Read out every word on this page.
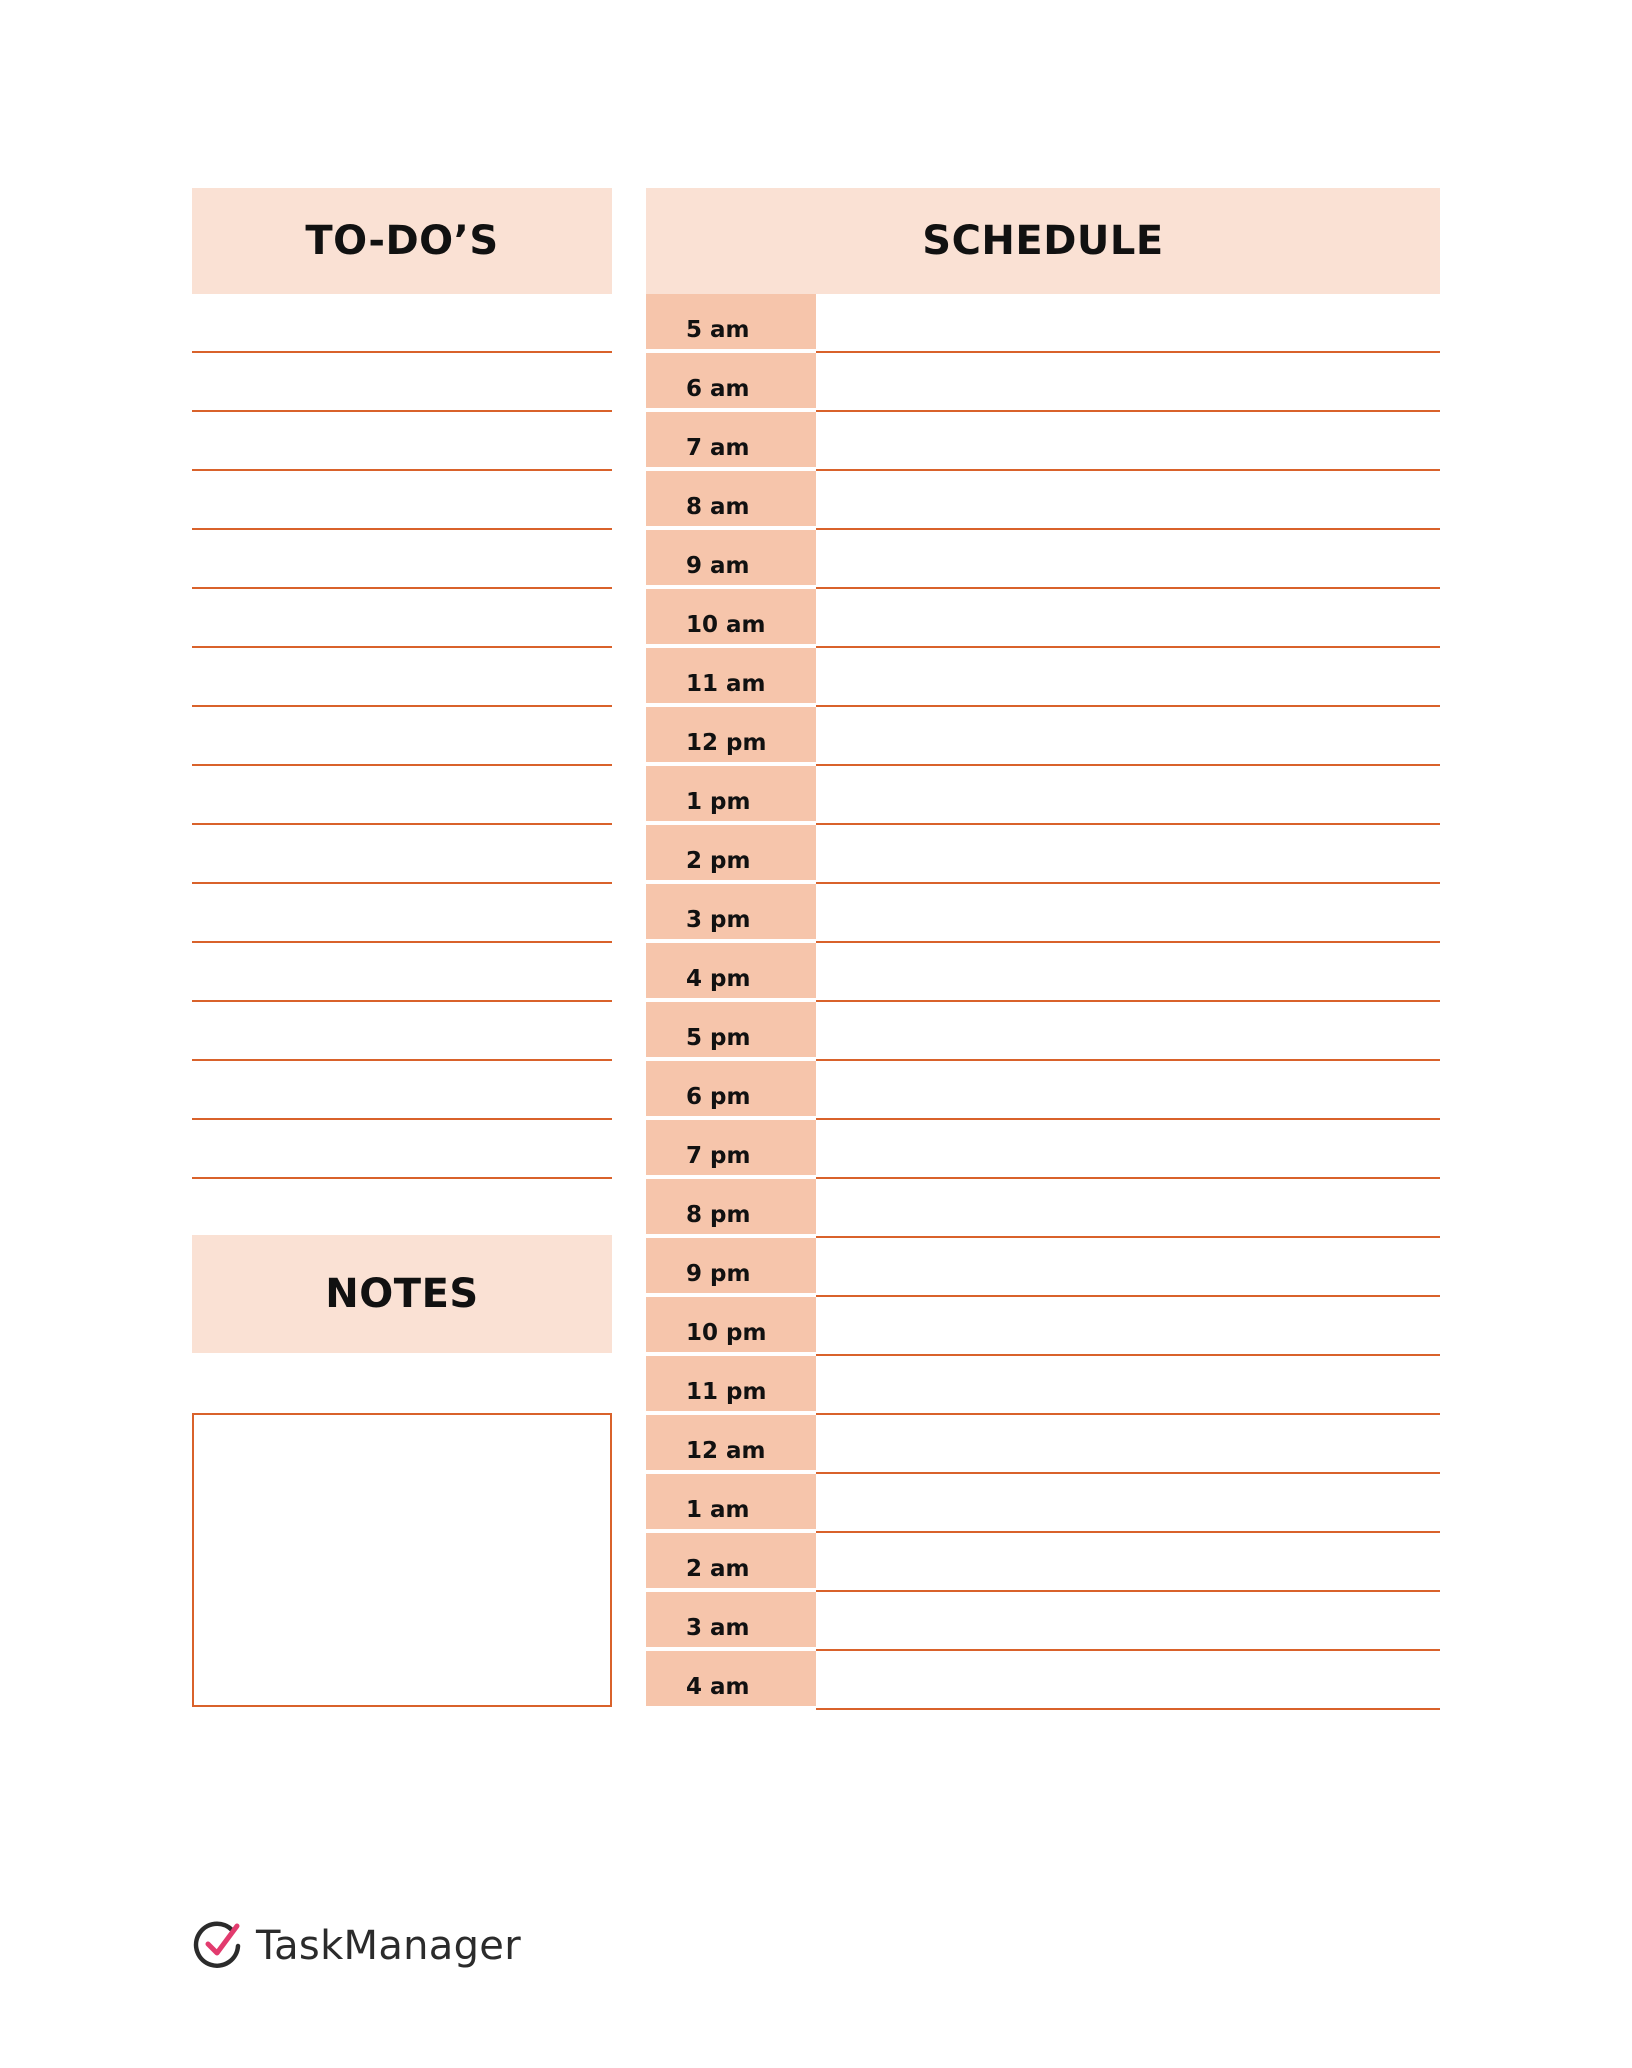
TO-DO’S	SCHEDULE
5 am
6 am
7 am
8 am
9 am
10 am
11 am
12 pm
1 pm
2 pm
3 pm
4 pm
5 pm
6 pm
7 pm
8 pm
9 pm
10 pm
11 pm
12 am
1 am
2 am
3 am
4 am
NOTES
TaskManager
